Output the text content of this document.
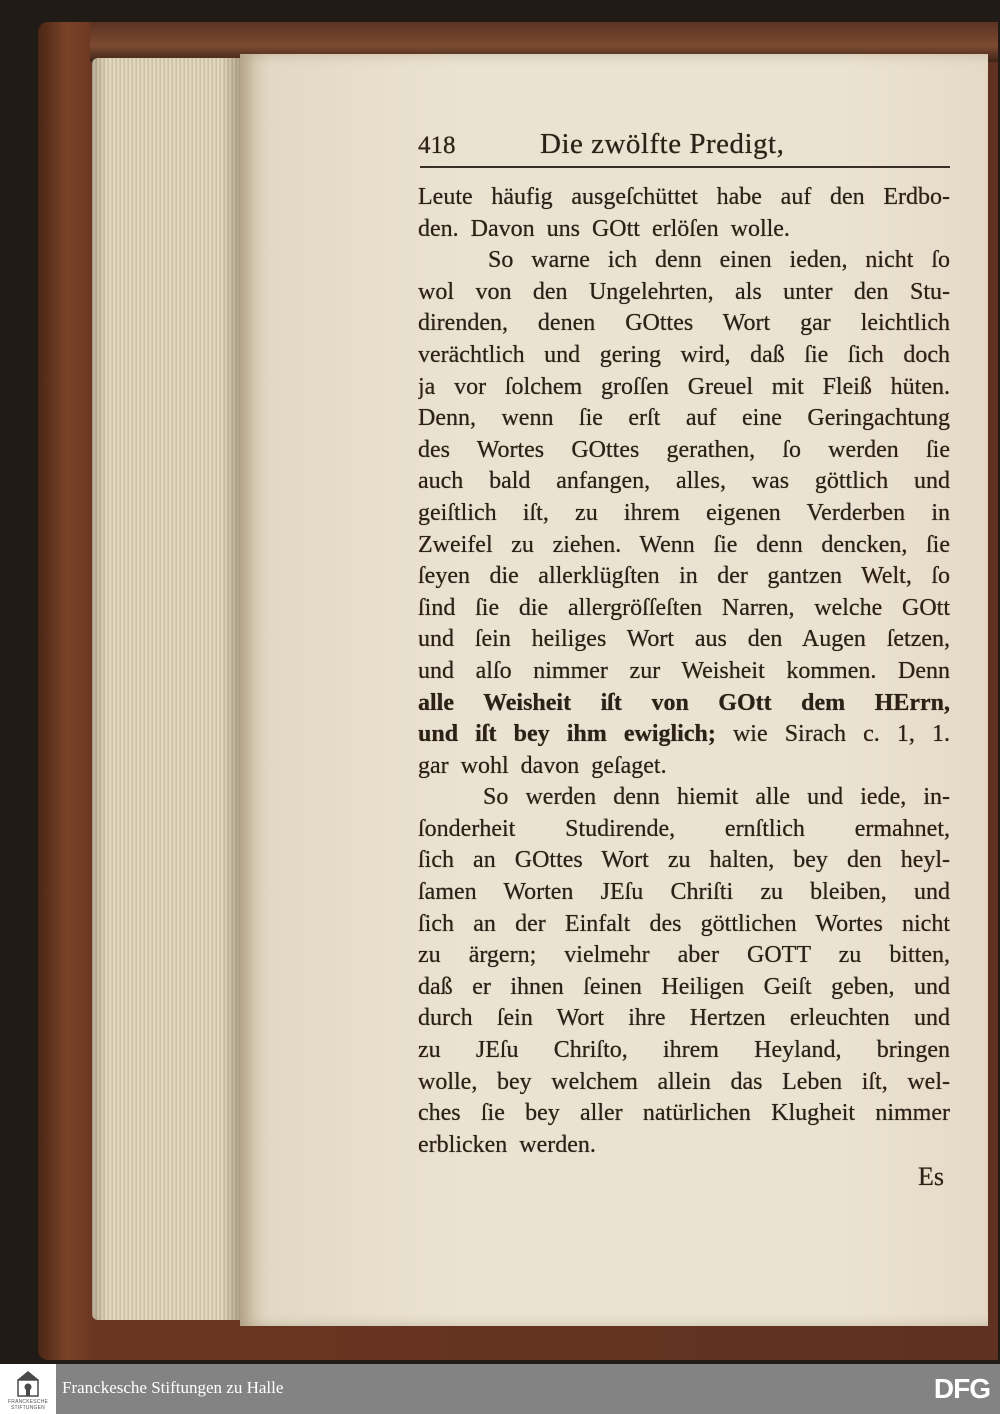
418	Die zwölfte Predigt,
Leute häufig ausgeſchüttet habe auf den Erdbo-
den. Davon uns GOtt erlöſen wolle.
So warne ich denn einen ieden, nicht ſo
wol von den Ungelehrten, als unter den Stu-
direnden, denen GOttes Wort gar leichtlich
verächtlich und gering wird, daß ſie ſich doch
ja vor ſolchem groſſen Greuel mit Fleiß hüten.
Denn, wenn ſie erſt auf eine Geringachtung
des Wortes GOttes gerathen, ſo werden ſie
auch bald anfangen, alles, was göttlich und
geiſtlich iſt, zu ihrem eigenen Verderben in
Zweifel zu ziehen. Wenn ſie denn dencken, ſie
ſeyen die allerklügſten in der gantzen Welt, ſo
ſind ſie die allergröſſeſten Narren, welche GOtt
und ſein heiliges Wort aus den Augen ſetzen,
und alſo nimmer zur Weisheit kommen. Denn
alle Weisheit iſt von GOtt dem HErrn,
und iſt bey ihm ewiglich; wie Sirach c. 1, 1.
gar wohl davon geſaget.
So werden denn hiemit alle und iede, in-
ſonderheit Studirende, ernſtlich ermahnet,
ſich an GOttes Wort zu halten, bey den heyl-
ſamen Worten JEſu Chriſti zu bleiben, und
ſich an der Einfalt des göttlichen Wortes nicht
zu ärgern; vielmehr aber GOTT zu bitten,
daß er ihnen ſeinen Heiligen Geiſt geben, und
durch ſein Wort ihre Hertzen erleuchten und
zu JEſu Chriſto, ihrem Heyland, bringen
wolle, bey welchem allein das Leben iſt, wel-
ches ſie bey aller natürlichen Klugheit nimmer
erblicken werden.
Es
FRANCKESCHE
STIFTUNGEN
Franckesche Stiftungen zu Halle	DFG
